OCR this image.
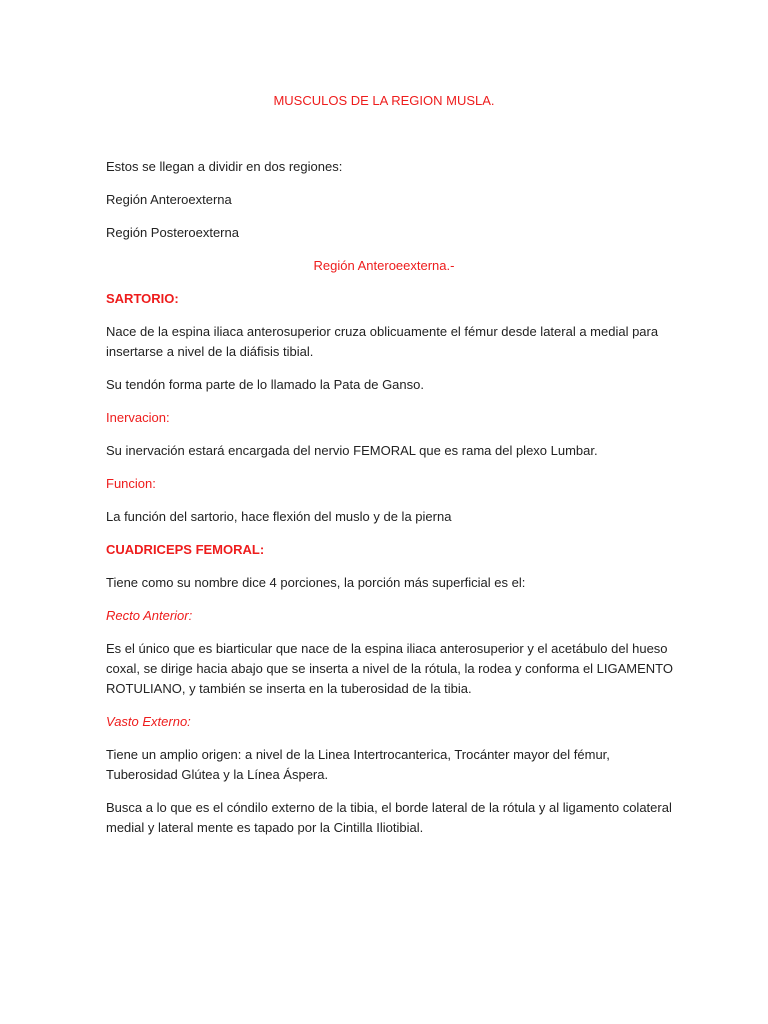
MUSCULOS DE LA REGION MUSLA.
Estos se llegan a dividir en dos regiones:
Región Anteroexterna
Región Posteroexterna
Región Anteroeexterna.-
SARTORIO:
Nace de la espina iliaca anterosuperior cruza oblicuamente el fémur desde lateral a medial para
insertarse a nivel de la diáfisis tibial.
Su tendón forma parte de lo llamado la Pata de Ganso.
Inervacion:
Su inervación estará encargada del nervio FEMORAL que es rama del plexo Lumbar.
Funcion:
La función del sartorio, hace flexión del muslo y de la pierna
CUADRICEPS FEMORAL:
Tiene como su nombre dice 4 porciones, la porción más superficial es el:
Recto Anterior:
Es el único que es biarticular que nace de la espina iliaca anterosuperior y el acetábulo del hueso
coxal, se dirige hacia abajo que se inserta a nivel de la rótula, la rodea y conforma el LIGAMENTO
ROTULIANO, y también se inserta en la tuberosidad de la tibia.
Vasto Externo:
Tiene un amplio origen: a nivel de la Linea Intertrocanterica, Trocánter mayor del fémur,
Tuberosidad Glútea y la Línea Áspera.
Busca a lo que es el cóndilo externo de la tibia, el borde lateral de la rótula y al ligamento colateral
medial y lateral mente es tapado por la Cintilla Iliotibial.
